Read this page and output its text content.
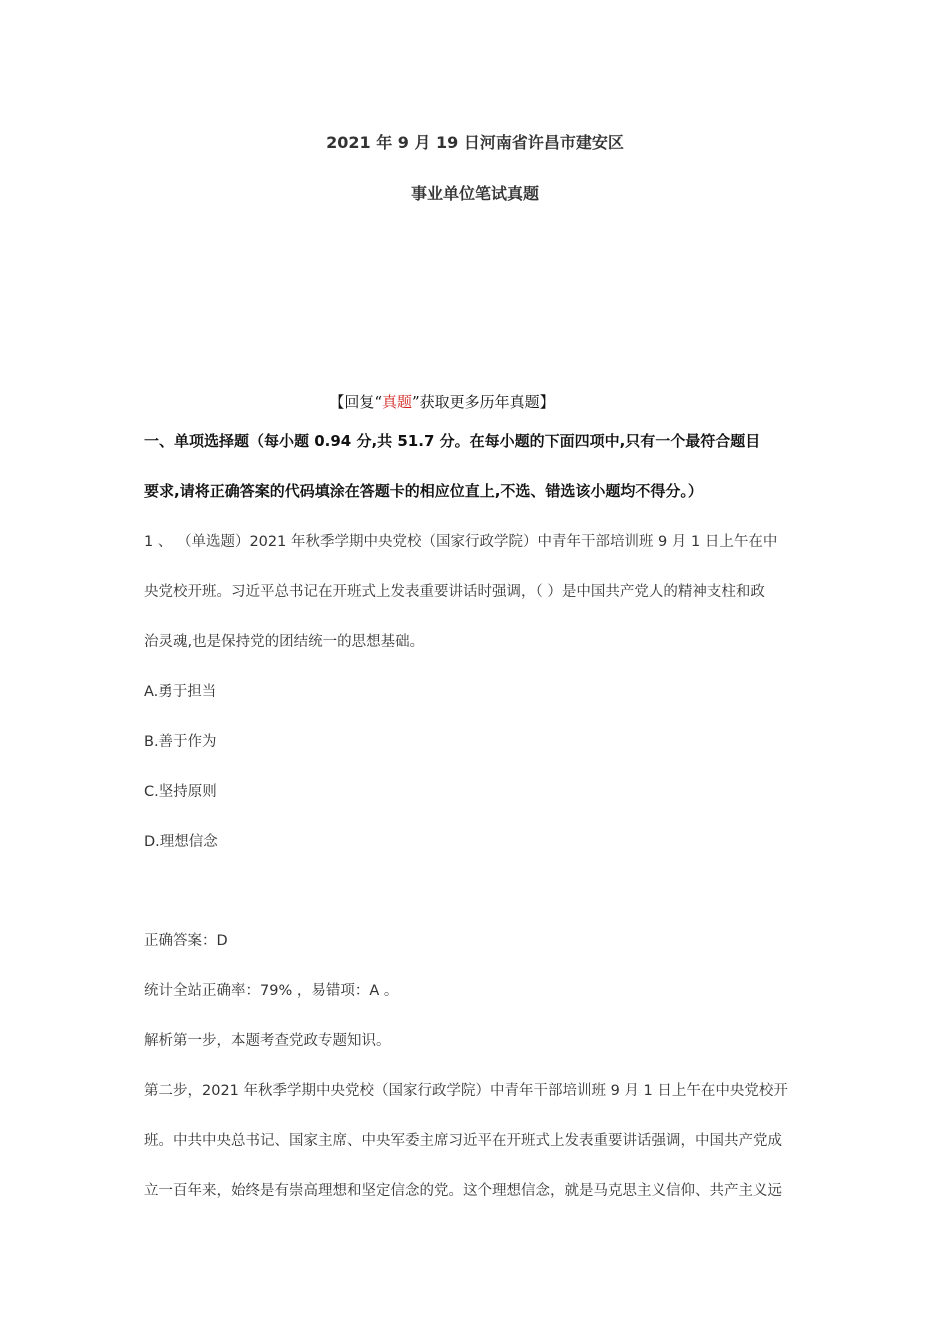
2021 年 9 月 19 日河南省许昌市建安区
事业单位笔试真题
【回复“真题”获取更多历年真题】
一、单项选择题（每小题 0.94 分,共 51.7 分。在每小题的下面四项中,只有一个最符合题目
要求,请将正确答案的代码填涂在答题卡的相应位直上,不选、错选该小题均不得分。）
1 、 （单选题）2021 年秋季学期中央党校（国家行政学院）中青年干部培训班 9 月 1 日上午在中
央党校开班。习近平总书记在开班式上发表重要讲话时强调，（ ）是中国共产党人的精神支柱和政
治灵魂,也是保持党的团结统一的思想基础。
A.勇于担当
B.善于作为
C.坚持原则
D.理想信念
正确答案：D
统计全站正确率：79% ，易错项：A 。
解析第一步，本题考查党政专题知识。
第二步，2021 年秋季学期中央党校（国家行政学院）中青年干部培训班 9 月 1 日上午在中央党校开
班。中共中央总书记、国家主席、中央军委主席习近平在开班式上发表重要讲话强调，中国共产党成
立一百年来，始终是有崇高理想和坚定信念的党。这个理想信念，就是马克思主义信仰、共产主义远
